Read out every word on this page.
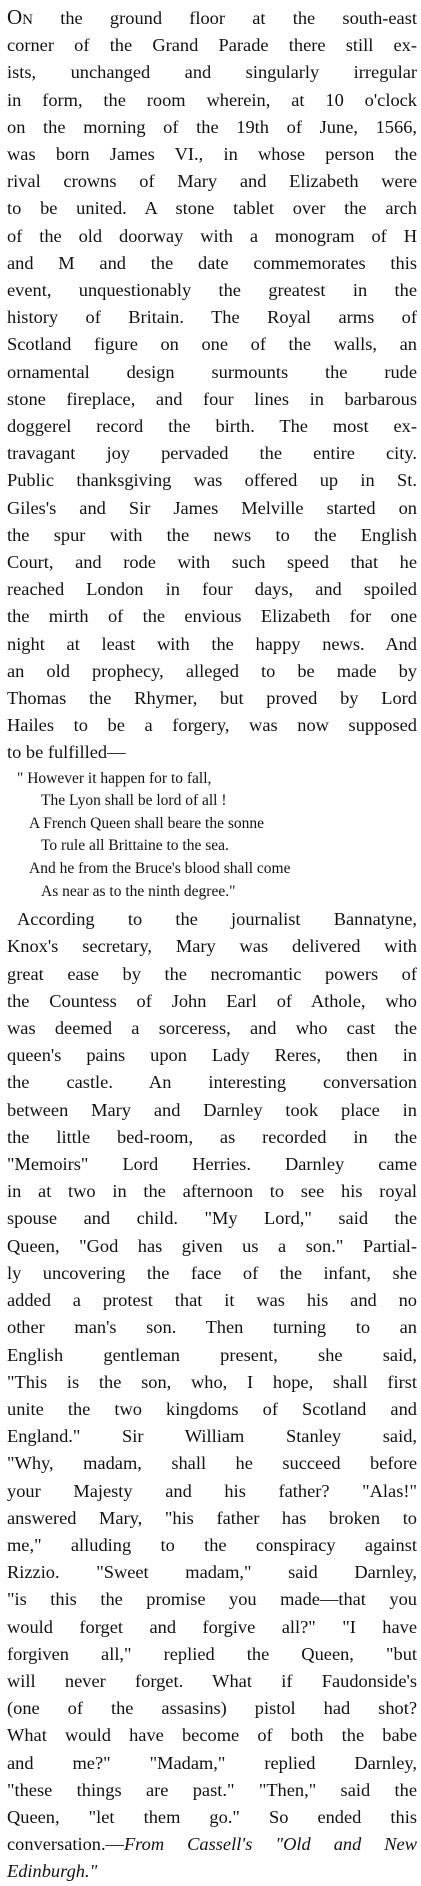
On the ground floor at the south-east
corner of the Grand Parade there still ex-
ists, unchanged and singularly irregular
in form, the room wherein, at 10 o'clock
on the morning of the 19th of June, 1566,
was born James VI., in whose person the
rival crowns of Mary and Elizabeth were
to be united. A stone tablet over the arch
of the old doorway with a monogram of H
and M and the date commemorates this
event, unquestionably the greatest in the
history of Britain. The Royal arms of
Scotland figure on one of the walls, an
ornamental design surmounts the rude
stone fireplace, and four lines in barbarous
doggerel record the birth. The most ex-
travagant joy pervaded the entire city.
Public thanksgiving was offered up in St.
Giles's and Sir James Melville started on
the spur with the news to the English
Court, and rode with such speed that he
reached London in four days, and spoiled
the mirth of the envious Elizabeth for one
night at least with the happy news. And
an old prophecy, alleged to be made by
Thomas the Rhymer, but proved by Lord
Hailes to be a forgery, was now supposed
to be fulfilled—
" However it happen for to fall,
The Lyon shall be lord of all !
A French Queen shall beare the sonne
To rule all Brittaine to the sea.
And he from the Bruce's blood shall come
As near as to the ninth degree."
According to the journalist Bannatyne,
Knox's secretary, Mary was delivered with
great ease by the necromantic powers of
the Countess of John Earl of Athole, who
was deemed a sorceress, and who cast the
queen's pains upon Lady Reres, then in
the castle. An interesting conversation
between Mary and Darnley took place in
the little bed-room, as recorded in the
"Memoirs" Lord Herries. Darnley came
in at two in the afternoon to see his royal
spouse and child. "My Lord," said the
Queen, "God has given us a son." Partial-
ly uncovering the face of the infant, she
added a protest that it was his and no
other man's son. Then turning to an
English gentleman present, she said,
"This is the son, who, I hope, shall first
unite the two kingdoms of Scotland and
England." Sir William Stanley said,
"Why, madam, shall he succeed before
your Majesty and his father? "Alas!"
answered Mary, "his father has broken to
me," alluding to the conspiracy against
Rizzio. "Sweet madam," said Darnley,
"is this the promise you made—that you
would forget and forgive all?" "I have
forgiven all," replied the Queen, "but
will never forget. What if Faudonside's
(one of the assasins) pistol had shot?
What would have become of both the babe
and me?" "Madam," replied Darnley,
"these things are past." "Then," said the
Queen, "let them go." So ended this
conversation.—From Cassell's "Old and New
Edinburgh."
